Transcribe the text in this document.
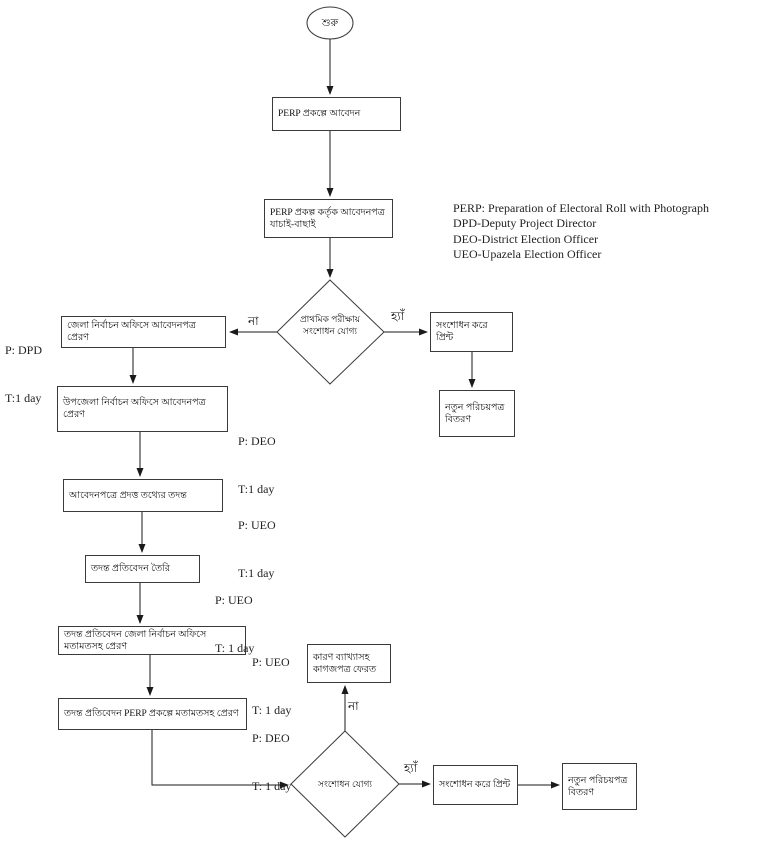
শুরু
PERP প্রকল্পে আবেদন
PERP প্রকল্প কর্তৃক আবেদনপত্র যাচাই-বাছাই
জেলা নির্বাচন অফিসে আবেদনপত্র প্রেরণ
উপজেলা নির্বাচন অফিসে আবেদনপত্র প্রেরণ
আবেদনপত্রে প্রদত্ত তথ্যের তদন্ত
তদন্ত প্রতিবেদন তৈরি
তদন্ত প্রতিবেদন জেলা নির্বাচন অফিসে মতামতসহ প্রেরণ
তদন্ত প্রতিবেদন PERP প্রকল্পে মতামতসহ প্রেরণ
কারণ ব্যাখ্যাসহ কাগজপত্র ফেরত
সংশোধন করে প্রিন্ট
নতুন পরিচয়পত্র বিতরণ
সংশোধন করে প্রিন্ট	নতুন পরিচয়পত্র বিতরণ
প্রাথমিক পরীক্ষায়
সংশোধন যোগ্য
সংশোধন যোগ্য
না	হ্যাঁ
না
হ্যাঁ

P: DPD

T:1 day

P: DEO

T:1 day

P: UEO

T:1 day

P: UEO

T: 1 day

P: UEO

T: 1 day

P: DEO

T: 1 day

PERP: Preparation of Electoral Roll with Photograph
DPD-Deputy Project Director
DEO-District Election Officer
UEO-Upazela Election Officer
